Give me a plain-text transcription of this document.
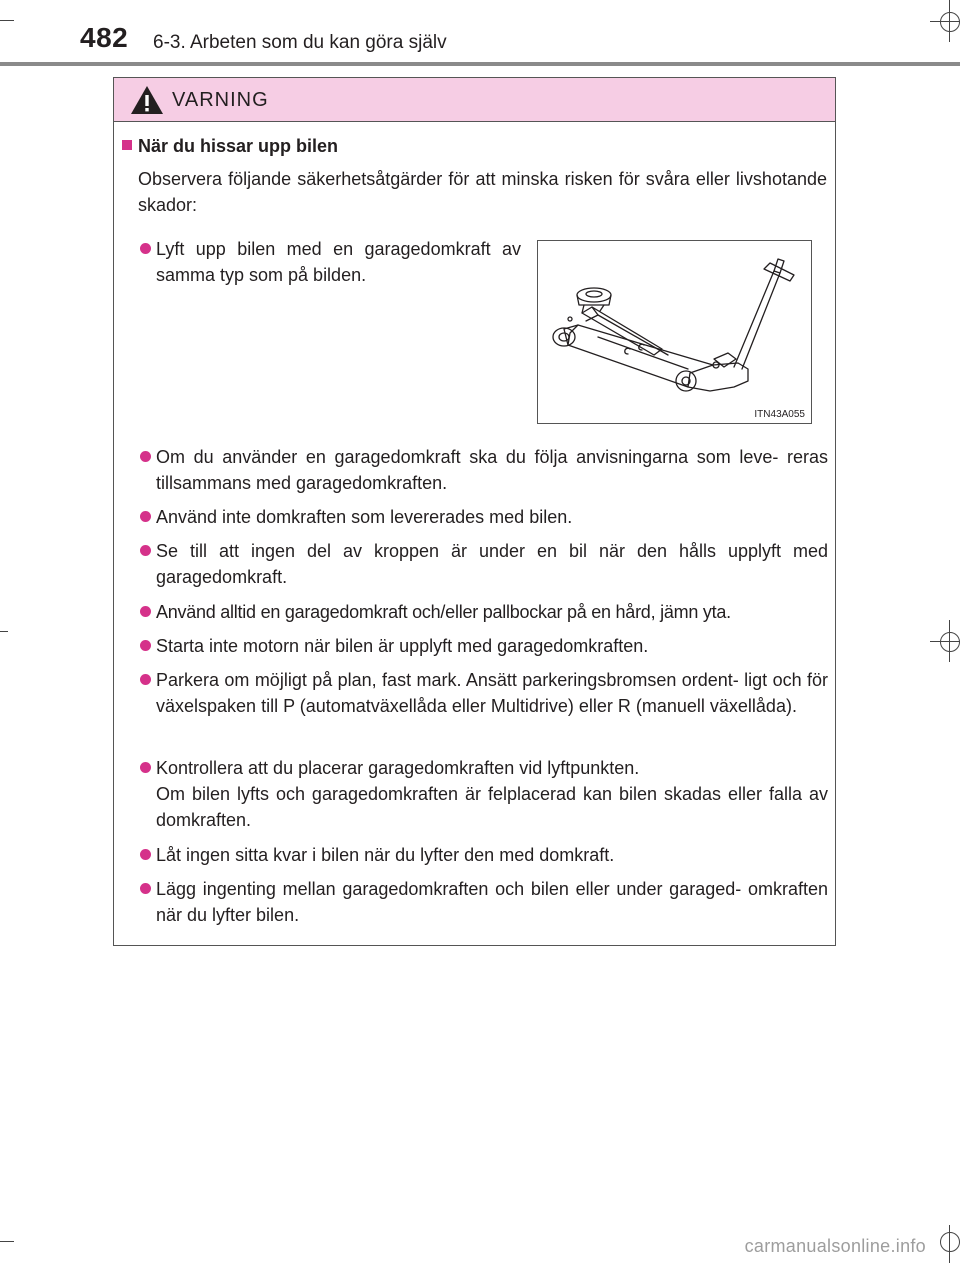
482 6-3. Arbeten som du kan göra själv
VARNING
När du hissar upp bilen
Observera följande säkerhetsåtgärder för att minska risken för svåra eller livshotande skador:
Lyft upp bilen med en garagedomkraft av samma typ som på bilden.
ITN43A055
Om du använder en garagedomkraft ska du följa anvisningarna som leve- reras tillsammans med garagedomkraften.
Använd inte domkraften som levererades med bilen.
Se till att ingen del av kroppen är under en bil när den hålls upplyft med garagedomkraft.
Använd alltid en garagedomkraft och/eller pallbockar på en hård, jämn yta.
Starta inte motorn när bilen är upplyft med garagedomkraften.
Parkera om möjligt på plan, fast mark. Ansätt parkeringsbromsen ordent- ligt och för växelspaken till P (automatväxellåda eller Multidrive) eller R (manuell växellåda).
Kontrollera att du placerar garagedomkraften vid lyftpunkten.
Om bilen lyfts och garagedomkraften är felplacerad kan bilen skadas eller falla av domkraften.
Låt ingen sitta kvar i bilen när du lyfter den med domkraft.
Lägg ingenting mellan garagedomkraften och bilen eller under garaged- omkraften när du lyfter bilen.
carmanualsonline.info
